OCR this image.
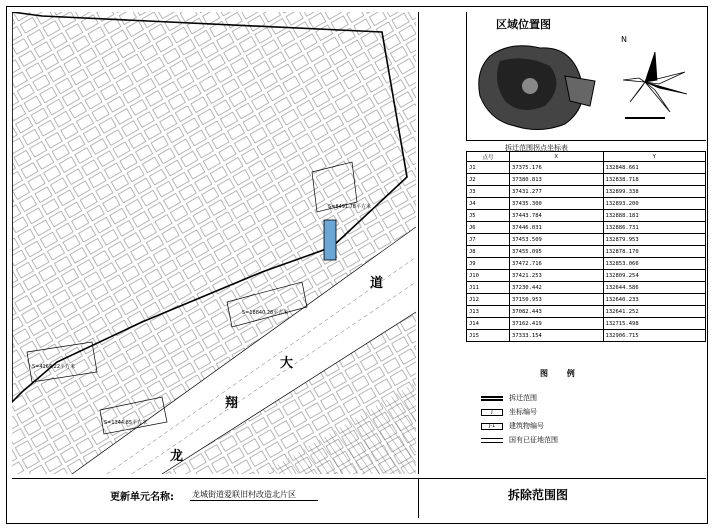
S=8491.78平方米
S=18840.28平方米
S=4169.22平方米
S=1344.85平方米
道
大
翔
龙
区域位置图
N
拆迁范围拐点坐标表
点号	X	Y
J1	37375.176	132848.661
J2	37380.813	132838.718
J3	37431.277	132899.338
J4	37435.300	132893.200
J5	37443.784	132888.181
J6	37446.031	132886.731
J7	37453.509	132879.953
J8	37455.095	132878.170
J9	37472.716	132853.066
J10	37421.253	132809.254
J11	37230.442	132644.586
J12	37150.953	132640.233
J13	37082.443	132641.252
J14	37162.419	132715.498
J15	37333.154	132906.715
图 例
拆迁范围
J	坐标编号
J-1	建筑物编号
国有已征地范围
更新单元名称: 龙城街道爱联旧村改造北片区	拆除范围图
